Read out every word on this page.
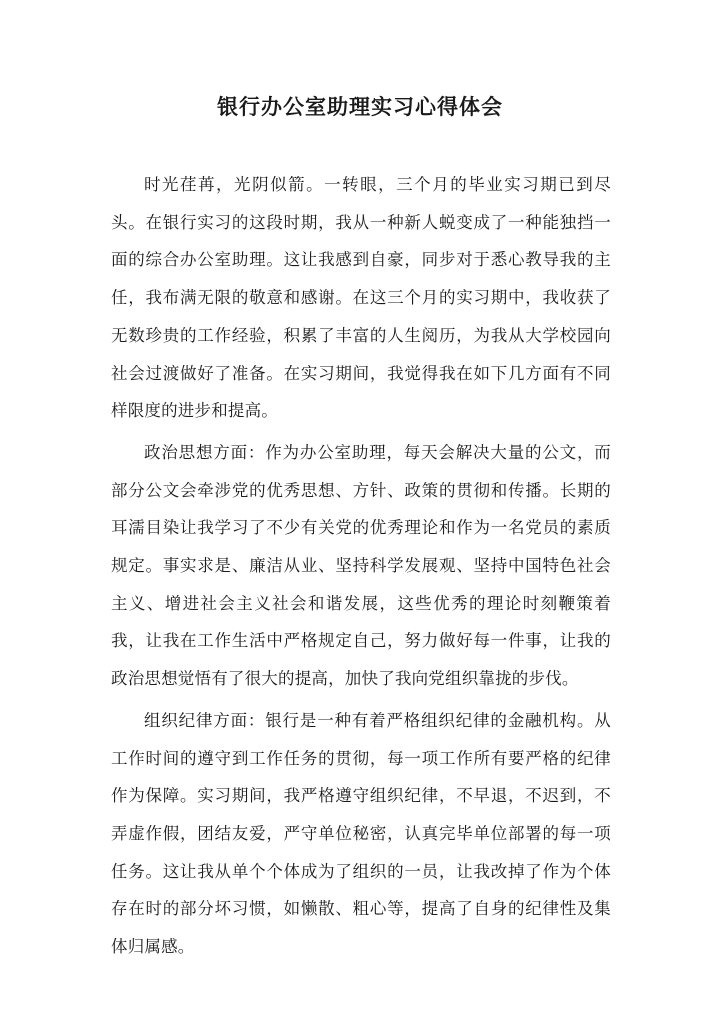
银行办公室助理实习心得体会

时光荏苒，光阴似箭。一转眼，三个月的毕业实习期已到尽头。在银行实习的这段时期，我从一种新人蜕变成了一种能独挡一面的综合办公室助理。这让我感到自豪，同步对于悉心教导我的主任，我布满无限的敬意和感谢。在这三个月的实习期中，我收获了无数珍贵的工作经验，积累了丰富的人生阅历，为我从大学校园向社会过渡做好了准备。在实习期间，我觉得我在如下几方面有不同样限度的进步和提高。

政治思想方面：作为办公室助理，每天会解决大量的公文，而部分公文会牵涉党的优秀思想、方针、政策的贯彻和传播。长期的耳濡目染让我学习了不少有关党的优秀理论和作为一名党员的素质规定。事实求是、廉洁从业、坚持科学发展观、坚持中国特色社会主义、增进社会主义社会和谐发展，这些优秀的理论时刻鞭策着我，让我在工作生活中严格规定自己，努力做好每一件事，让我的政治思想觉悟有了很大的提高，加快了我向党组织靠拢的步伐。

组织纪律方面：银行是一种有着严格组织纪律的金融机构。从工作时间的遵守到工作任务的贯彻，每一项工作所有要严格的纪律作为保障。实习期间，我严格遵守组织纪律，不早退，不迟到，不弄虚作假，团结友爱，严守单位秘密，认真完毕单位部署的每一项任务。这让我从单个个体成为了组织的一员，让我改掉了作为个体存在时的部分坏习惯，如懒散、粗心等，提高了自身的纪律性及集体归属感。
